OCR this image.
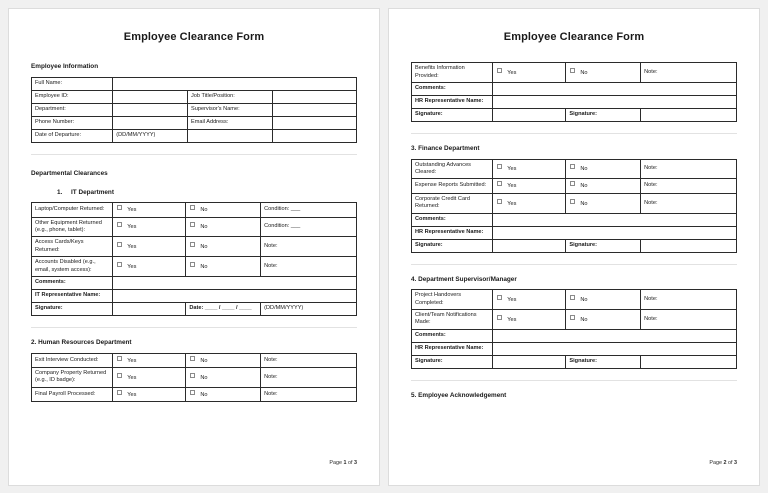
Employee Clearance Form
Employee Information
Full Name:			
Employee ID:		Job Title/Position:	
Department:		Supervisor's Name:	
Phone Number:		Email Address:	
Date of Departure:	(DD/MM/YYYY)		
Departmental Clearances
1. IT Department
Laptop/Computer Returned:	Yes	No	Condition: ___
Other Equipment Returned (e.g., phone, tablet):	Yes	No	Condition: ___
Access Cards/Keys Returned:	Yes	No	Note:
Accounts Disabled (e.g., email, system access):	Yes	No	Note:
Comments:			
IT Representative Name:			
Signature:		Date: ____ / ____ / ____	(DD/MM/YYYY)
2. Human Resources Department
Exit Interview Conducted:	Yes	No	Note:
Company Property Returned (e.g., ID badge):	Yes	No	Note:
Final Payroll Processed:	Yes	No	Note:
Page 1 of 3
Employee Clearance Form
Benefits Information Provided:	Yes	No	Note:
Comments:			
HR Representative Name:			
Signature:		Signature:	
3. Finance Department
Outstanding Advances Cleared:	Yes	No	Note:
Expense Reports Submitted:	Yes	No	Note:
Corporate Credit Card Returned:	Yes	No	Note:
Comments:			
HR Representative Name:			
Signature:		Signature:	
4. Department Supervisor/Manager
Project Handovers Completed:	Yes	No	Note:
Client/Team Notifications Made:	Yes	No	Note:
Comments:			
HR Representative Name:			
Signature:		Signature:	
5. Employee Acknowledgement
Page 2 of 3
